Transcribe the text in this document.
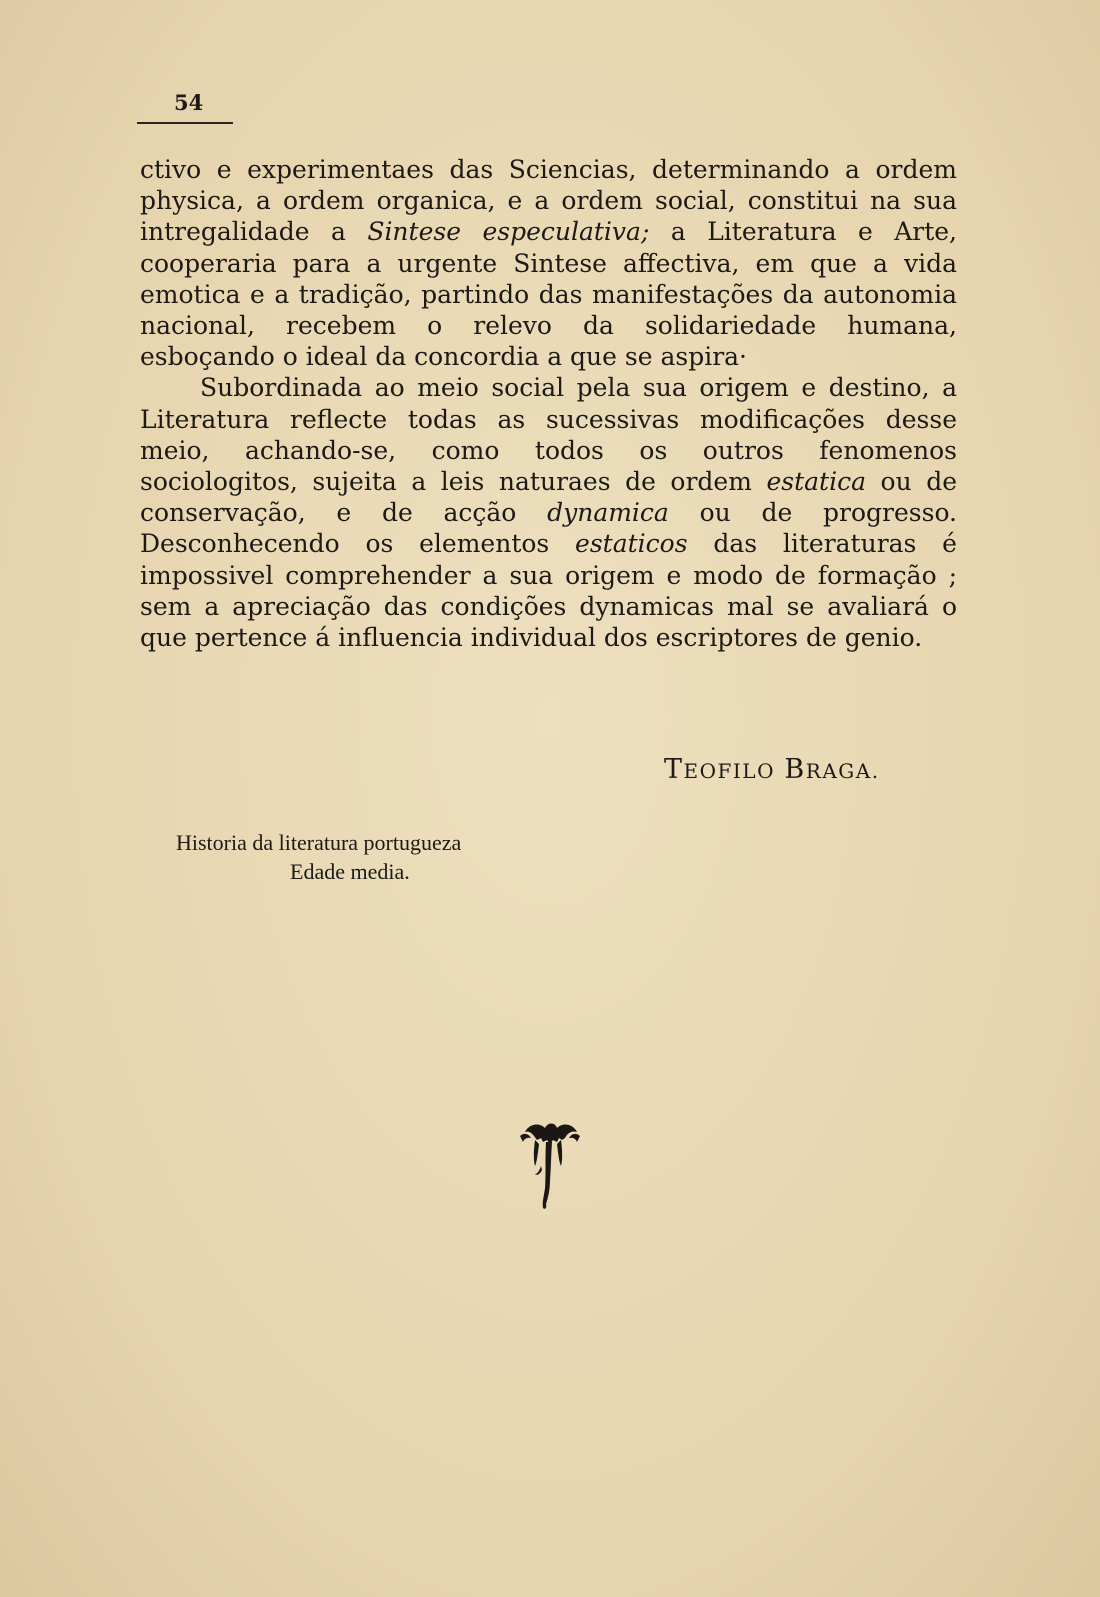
54

ctivo e experimentaes das Sciencias, determinando a ordem physica, a ordem organica, e a ordem social, constitui na sua intregalidade a Sintese especulativa; a Literatura e Arte, cooperaria para a urgente Sintese affectiva, em que a vida emotica e a tradição, partindo das manifestações da autonomia nacional, recebem o relevo da solidariedade humana, esboçando o ideal da concordia a que se aspira·

Subordinada ao meio social pela sua origem e destino, a Literatura reflecte todas as sucessivas modificações desse meio, achando-se, como todos os outros fenomenos sociologitos, sujeita a leis naturaes de ordem estatica ou de conservação, e de acção dynamica ou de progresso. Desconhecendo os elementos estaticos das literaturas é impossivel comprehender a sua origem e modo de formação ; sem a apreciação das condições dynamicas mal se avaliará o que pertence á influencia individual dos escriptores de genio.

TEOFILO BRAGA.
Historia da literatura portugueza
Edade media.
